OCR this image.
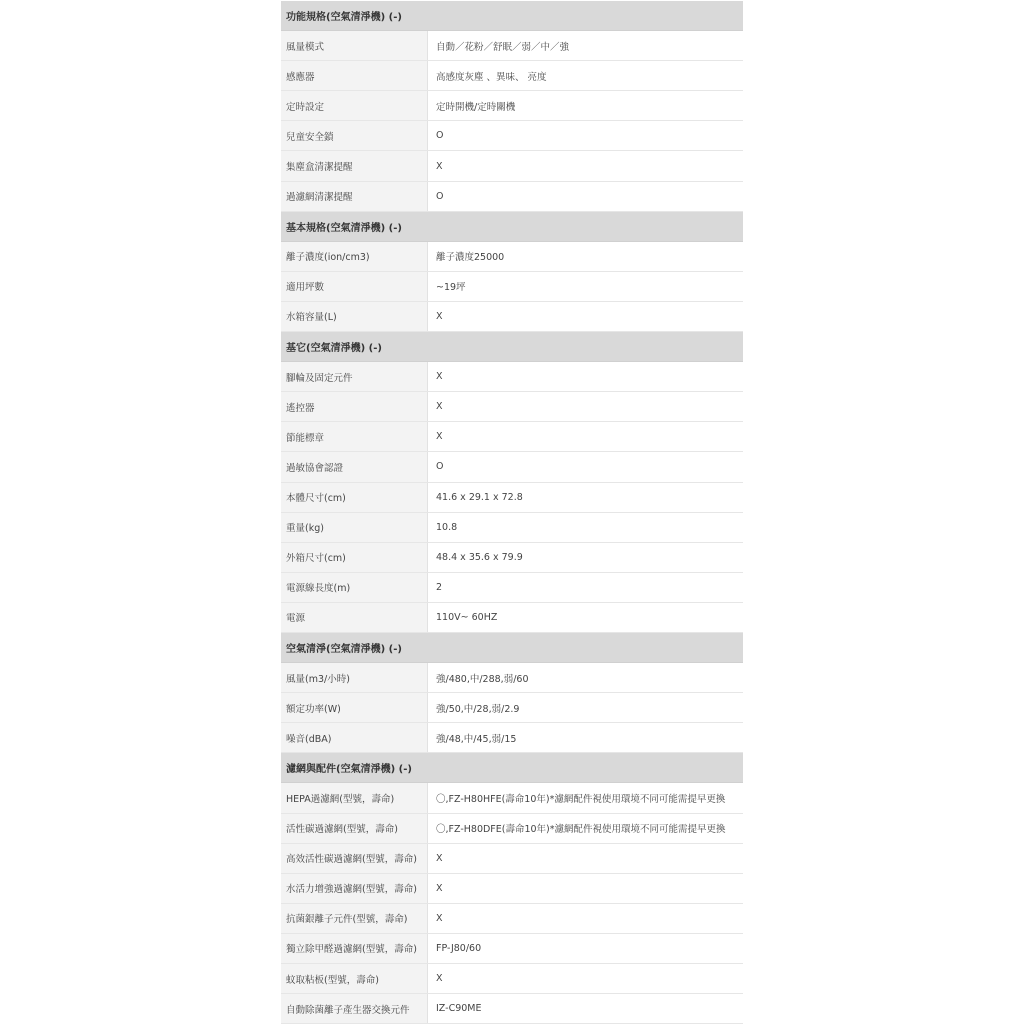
功能規格(空氣清淨機) (-)
風量模式	自動／花粉／舒眠／弱／中／強
感應器	高感度灰塵 、異味、 亮度
定時設定	定時開機/定時關機
兒童安全鎖	O
集塵盒清潔提醒	X
過濾網清潔提醒	O
基本規格(空氣清淨機) (-)
離子濃度(ion/cm3)	離子濃度25000
適用坪數	~19坪
水箱容量(L)	X
基它(空氣清淨機) (-)
腳輪及固定元件	X
遙控器	X
節能標章	X
過敏協會認證	O
本體尺寸(cm)	41.6 x 29.1 x 72.8
重量(kg)	10.8
外箱尺寸(cm)	48.4 x 35.6 x 79.9
電源線長度(m)	2
電源	110V~ 60HZ
空氣清淨(空氣清淨機) (-)
風量(m3/小時)	強/480,中/288,弱/60
額定功率(W)	強/50,中/28,弱/2.9
噪音(dBA)	強/48,中/45,弱/15
濾網與配件(空氣清淨機) (-)
HEPA過濾網(型號，壽命)	〇,FZ-H80HFE(壽命10年)*濾網配件視使用環境不同可能需提早更換
活性碳過濾網(型號，壽命)	〇,FZ-H80DFE(壽命10年)*濾網配件視使用環境不同可能需提早更換
高效活性碳過濾網(型號，壽命)	X
水活力增強過濾網(型號，壽命)	X
抗菌銀離子元件(型號，壽命)	X
獨立除甲醛過濾網(型號，壽命)	FP-J80/60
蚊取粘板(型號，壽命)	X
自動除菌離子產生器交換元件	IZ-C90ME
